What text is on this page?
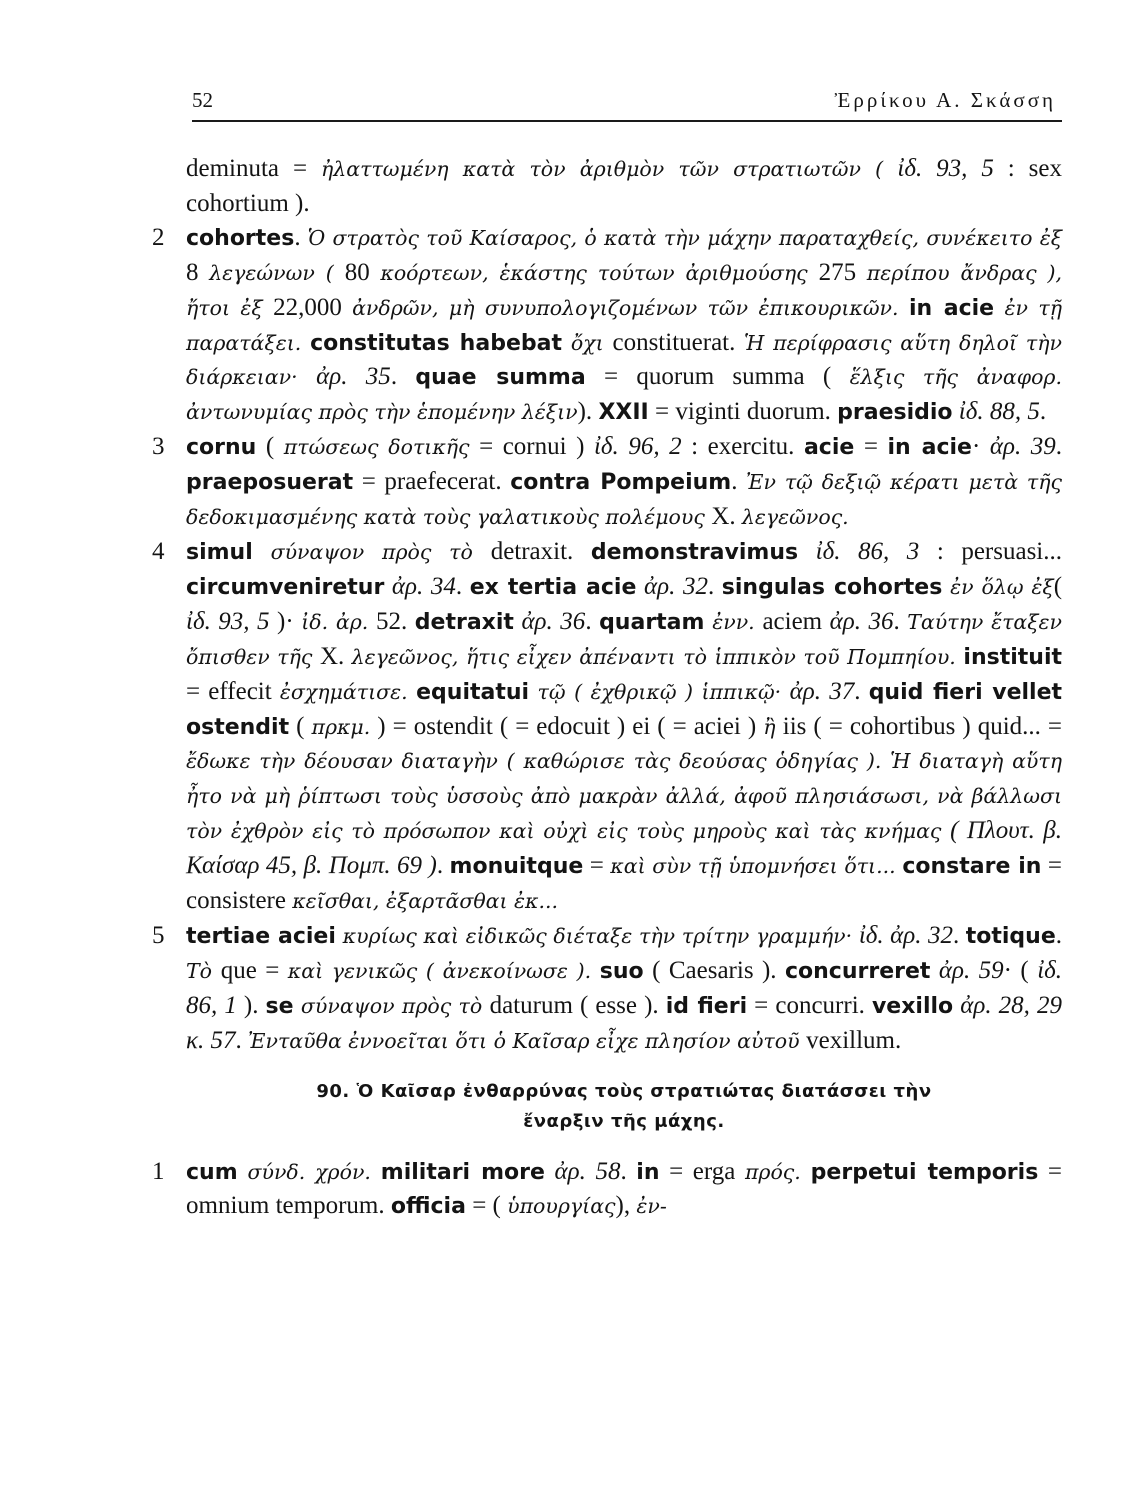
52	Ἐρρίκου Α. Σκάσση
deminuta = ἠλαττωμένη κατὰ τὸν ἀριθμὸν τῶν στρατιωτῶν ( ἰδ. 93, 5 : sex cohortium ).
2 cohortes. Ὁ στρατὸς τοῦ Καίσαρος, ὁ κατὰ τὴν μάχην παραταχθείς, συνέκειτο ἐξ 8 λεγεώνων ( 80 κοόρτεων, ἑκάστης τούτων ἀριθμούσης 275 περίπου ἄνδρας ), ἤτοι ἐξ 22,000 ἀνδρῶν, μὴ συνυπολογιζομένων τῶν ἐπικουρικῶν. in acie ἐν τῇ παρατάξει. constitutas habebat ὄχι constituerat. Ἡ περίφρασις αὕτη δηλοῖ τὴν διάρκειαν· ἀρ. 35. quae summa = quorum summa ( ἕλξις τῆς ἀναφορ. ἀντωνυμίας πρὸς τὴν ἑπομένην λέξιν). XXII = viginti duorum. praesidio ἰδ. 88, 5.
3 cornu ( πτώσεως δοτικῆς = cornui ) ἰδ. 96, 2 : exercitu. acie = in acie· ἀρ. 39. praeposuerat = praefecerat. contra Pompeium. Ἐν τῷ δεξιῷ κέρατι μετὰ τῆς δεδοκιμασμένης κατὰ τοὺς γαλατικοὺς πολέμους X. λεγεῶνος.
4 simul σύναψον πρὸς τὸ detraxit. demonstravimus ἰδ. 86, 3 : persuasi... circumveniretur ἀρ. 34. ex tertia acie ἀρ. 32. singulas cohortes ἐν ὅλῳ ἐξ( ἰδ. 93, 5 )· ἰδ. ἀρ. 52. detraxit ἀρ. 36. quartam ἐνν. aciem ἀρ. 36. Ταύτην ἔταξεν ὄπισθεν τῆς X. λεγεῶνος, ἥτις εἶχεν ἀπέναντι τὸ ἱππικὸν τοῦ Πομπηίου. instituit = effecit ἐσχημάτισε. equitatui τῷ ( ἐχθρικῷ ) ἱππικῷ· ἀρ. 37. quid fieri vellet ostendit ( πρκμ. ) = ostendit ( = edocuit ) ei ( = aciei ) ἢ iis ( = cohortibus ) quid... = ἔδωκε τὴν δέουσαν διαταγὴν ( καθώρισε τὰς δεούσας ὁδηγίας ). Ἡ διαταγὴ αὕτη ἦτο νὰ μὴ ῥίπτωσι τοὺς ὑσσοὺς ἀπὸ μακρὰν ἀλλά, ἀφοῦ πλησιάσωσι, νὰ βάλλωσι τὸν ἐχθρὸν εἰς τὸ πρόσωπον καὶ οὐχὶ εἰς τοὺς μηροὺς καὶ τὰς κνήμας ( Πλουτ. β. Καίσαρ 45, β. Πομπ. 69 ). monuitque = καὶ σὺν τῇ ὑπομνήσει ὅτι... constare in = consistere κεῖσθαι, ἐξαρτᾶσθαι ἐκ...
5 tertiae aciei κυρίως καὶ εἰδικῶς διέταξε τὴν τρίτην γραμμήν· ἰδ. ἀρ. 32. totique. Τὸ que = καὶ γενικῶς ( ἀνεκοίνωσε ). suo ( Caesaris ). concurreret ἀρ. 59· ( ἰδ. 86, 1 ). se σύναψον πρὸς τὸ daturum ( esse ). id fieri = concurri. vexillo ἀρ. 28, 29 κ. 57. Ἐνταῦθα ἐννοεῖται ὅτι ὁ Καῖσαρ εἶχε πλησίον αὐτοῦ vexillum.
90. Ὁ Καῖσαρ ἐνθαρρύνας τοὺς στρατιώτας διατάσσει τὴν
ἔναρξιν τῆς μάχης.
1 cum σύνδ. χρόν. militari more ἀρ. 58. in = erga πρός. perpetui temporis = omnium temporum. officia = ( ὑπουργίας), ἐν-
